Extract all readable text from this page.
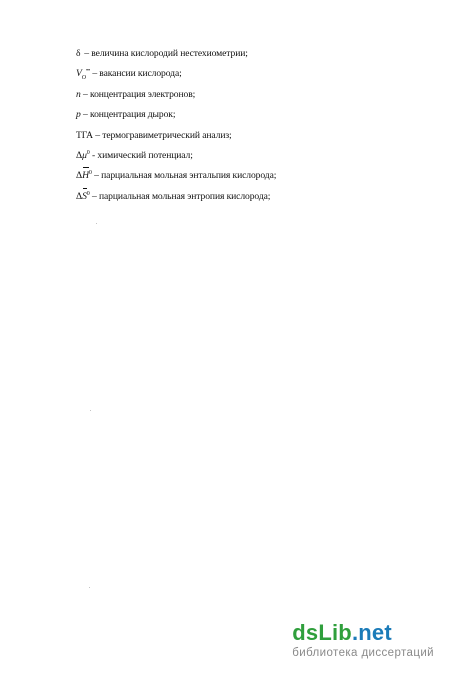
δ – величина кислородий нестехиометрии;
$V_O^{••}$ – вакансии кислорода;
n – концентрация электронов;
p – концентрация дырок;
ТГА – термогравиметрический анализ;
$\Delta\mu^0$ - химический потенциал;
$\Delta H^0$ – парциальная мольная энтальпия кислорода;
$\Delta S^0$ – парциальная мольная энтропия кислорода;
dsLib.net
библиотека диссертаций
